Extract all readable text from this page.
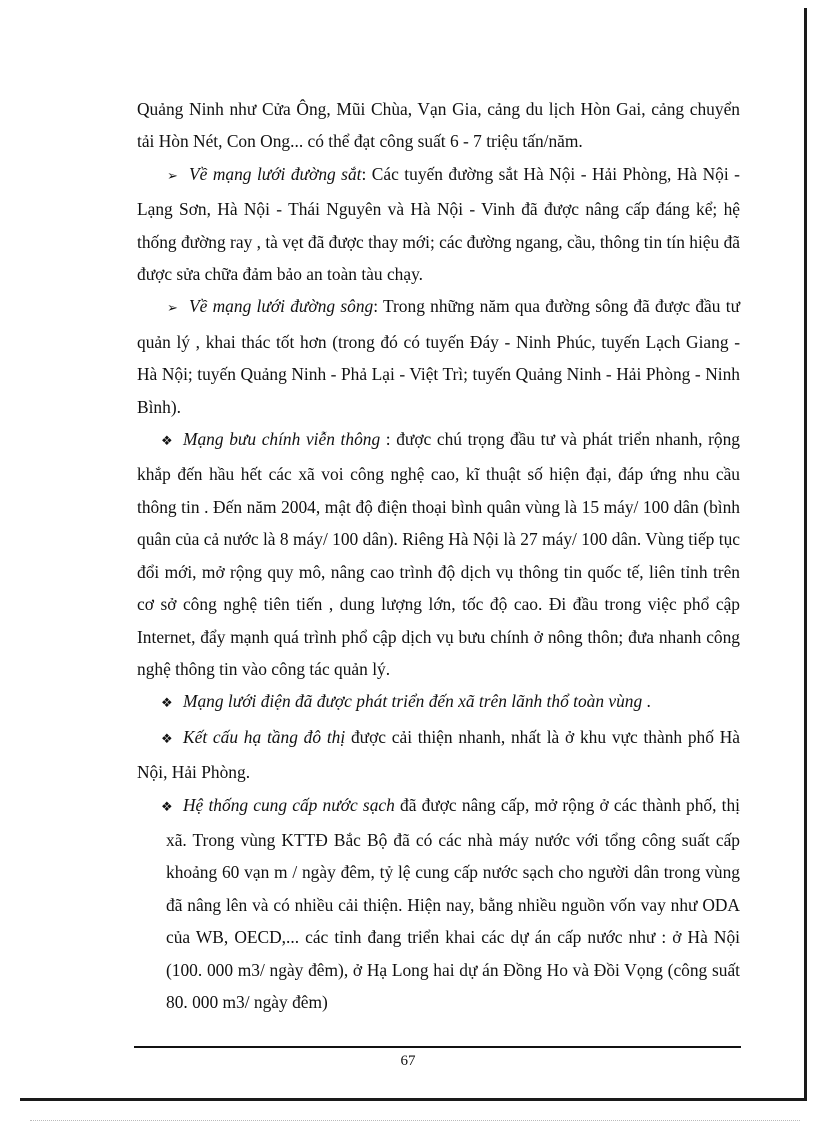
Quảng Ninh như Cửa Ông, Mũi Chùa, Vạn Gia, cảng du lịch Hòn Gai, cảng chuyển tải Hòn Nét, Con Ong... có thể đạt công suất 6 - 7 triệu tấn/năm.

➢ Về mạng lưới đường sắt: Các tuyến đường sắt Hà Nội - Hải Phòng, Hà Nội - Lạng Sơn, Hà Nội - Thái Nguyên và Hà Nội - Vinh đã được nâng cấp đáng kể; hệ thống đường ray , tà vẹt đã được thay mới; các đường ngang, cầu, thông tin tín hiệu đã được sửa chữa đảm bảo an toàn tàu chạy.

➢ Về mạng lưới đường sông: Trong những năm qua đường sông đã được đầu tư quản lý , khai thác tốt hơn (trong đó có tuyến Đáy - Ninh Phúc, tuyến Lạch Giang - Hà Nội; tuyến Quảng Ninh - Phả Lại - Việt Trì; tuyến Quảng Ninh - Hải Phòng - Ninh Bình).

❖ Mạng bưu chính viễn thông : được chú trọng đầu tư và phát triển nhanh, rộng khắp đến hầu hết các xã voi công nghệ cao, kĩ thuật số hiện đại, đáp ứng nhu cầu thông tin . Đến năm 2004, mật độ điện thoại bình quân vùng là 15 máy/ 100 dân (bình quân của cả nước là 8 máy/ 100 dân). Riêng Hà Nội là 27 máy/ 100 dân. Vùng tiếp tục đổi mới, mở rộng quy mô, nâng cao trình độ dịch vụ thông tin quốc tế, liên tỉnh trên cơ sở công nghệ tiên tiến , dung lượng lớn, tốc độ cao. Đi đầu trong việc phổ cập Internet, đẩy mạnh quá trình phổ cập dịch vụ bưu chính ở nông thôn; đưa nhanh công nghệ thông tin vào công tác quản lý.

❖ Mạng lưới điện đã được phát triển đến xã trên lãnh thổ toàn vùng .

❖ Kết cấu hạ tầng đô thị được cải thiện nhanh, nhất là ở khu vực thành phố Hà Nội, Hải Phòng.

❖ Hệ thống cung cấp nước sạch đã được nâng cấp, mở rộng ở các thành phố, thị xã. Trong vùng KTTĐ Bắc Bộ đã có các nhà máy nước với tổng công suất cấp khoảng 60 vạn m / ngày đêm, tỷ lệ cung cấp nước sạch cho người dân trong vùng đã nâng lên và có nhiều cải thiện. Hiện nay, bằng nhiều nguồn vốn vay như ODA của WB, OECD,... các tỉnh đang triển khai các dự án cấp nước như : ở Hà Nội (100. 000 m3/ ngày đêm), ở Hạ Long hai dự án Đồng Ho và Đồi Vọng (công suất 80. 000 m3/ ngày đêm)

67
